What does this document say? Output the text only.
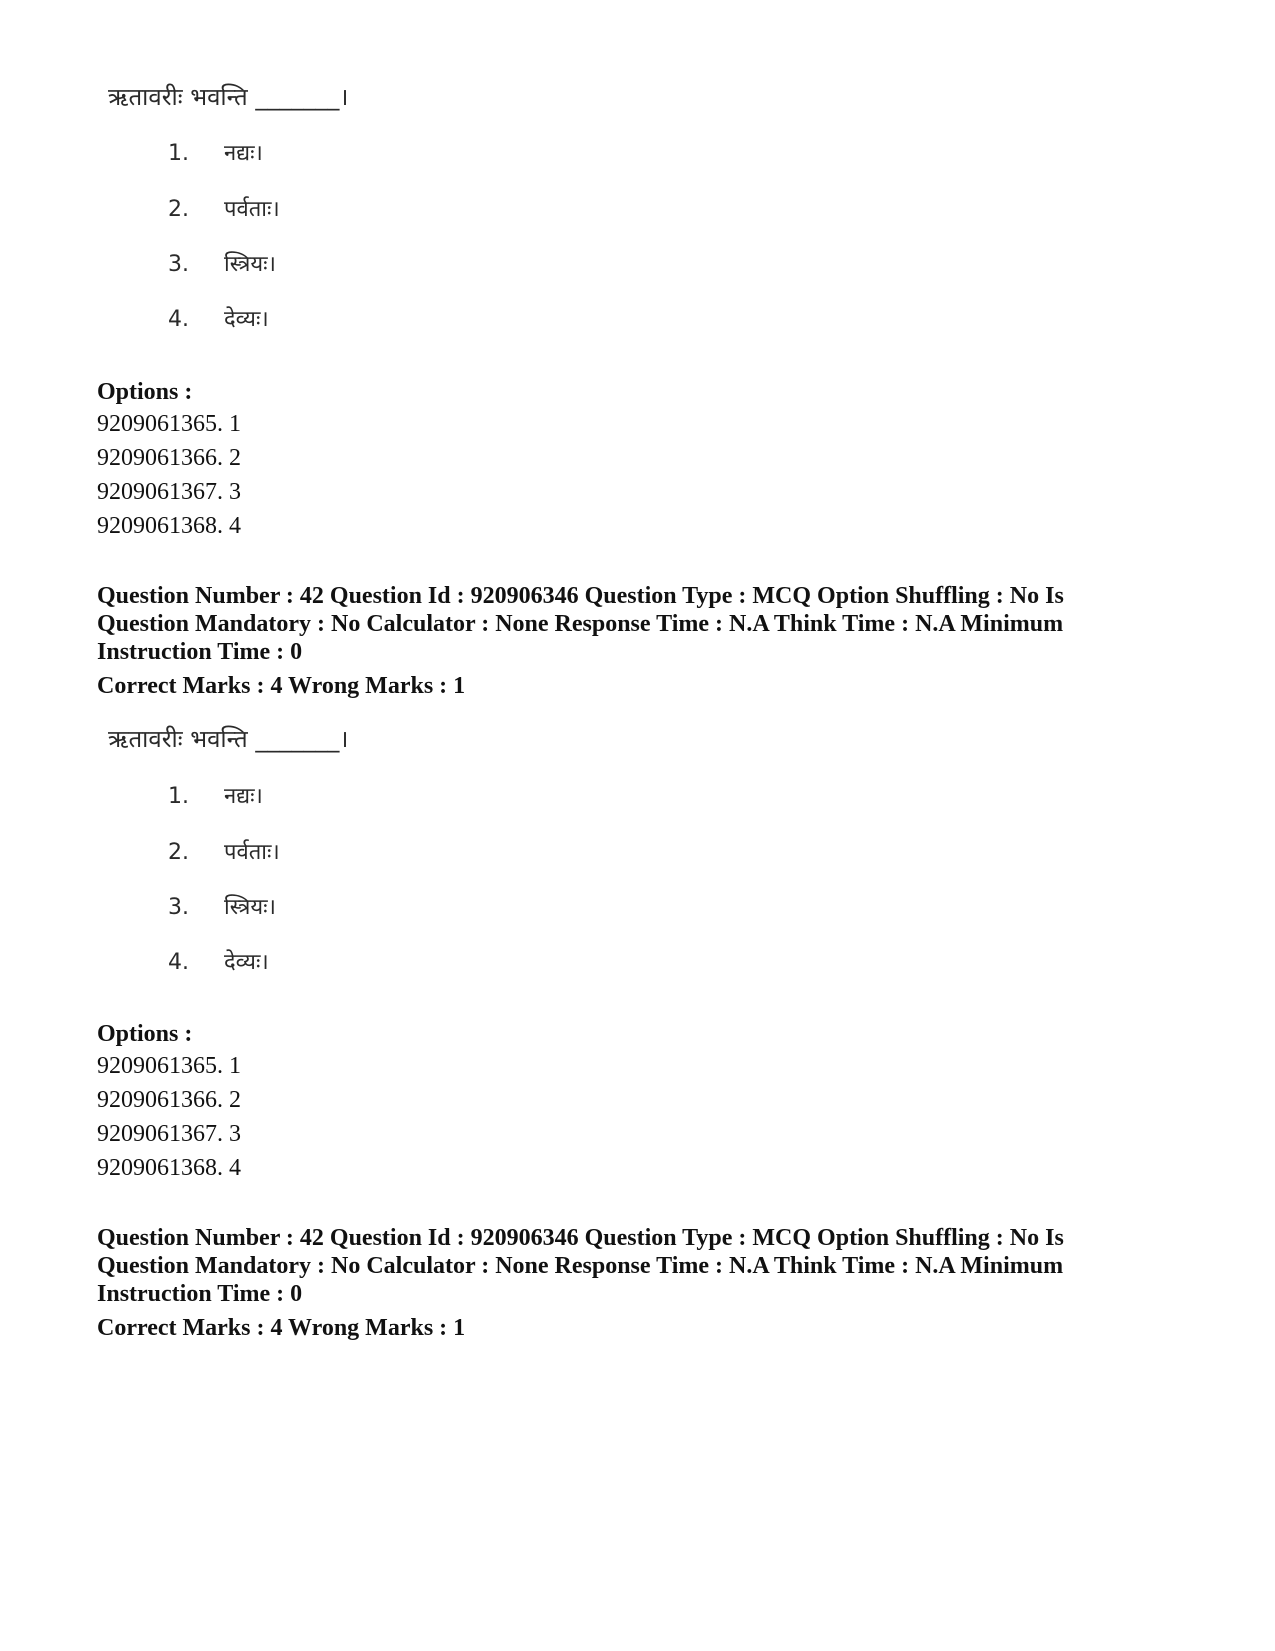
ऋतावरीः भवन्ति _______।
1. नद्यः।
2. पर्वताः।
3. स्त्रियः।
4. देव्यः।

Options :

9209061365. 1

9209061366. 2

9209061367. 3

9209061368. 4

Question Number : 42 Question Id : 920906346 Question Type : MCQ Option Shuffling : No Is

Question Mandatory : No Calculator : None Response Time : N.A Think Time : N.A Minimum

Instruction Time : 0

Correct Marks : 4 Wrong Marks : 1

ऋतावरीः भवन्ति _______।
1. नद्यः।
2. पर्वताः।
3. स्त्रियः।
4. देव्यः।

Options :

9209061365. 1

9209061366. 2

9209061367. 3

9209061368. 4

Question Number : 42 Question Id : 920906346 Question Type : MCQ Option Shuffling : No Is

Question Mandatory : No Calculator : None Response Time : N.A Think Time : N.A Minimum

Instruction Time : 0

Correct Marks : 4 Wrong Marks : 1
